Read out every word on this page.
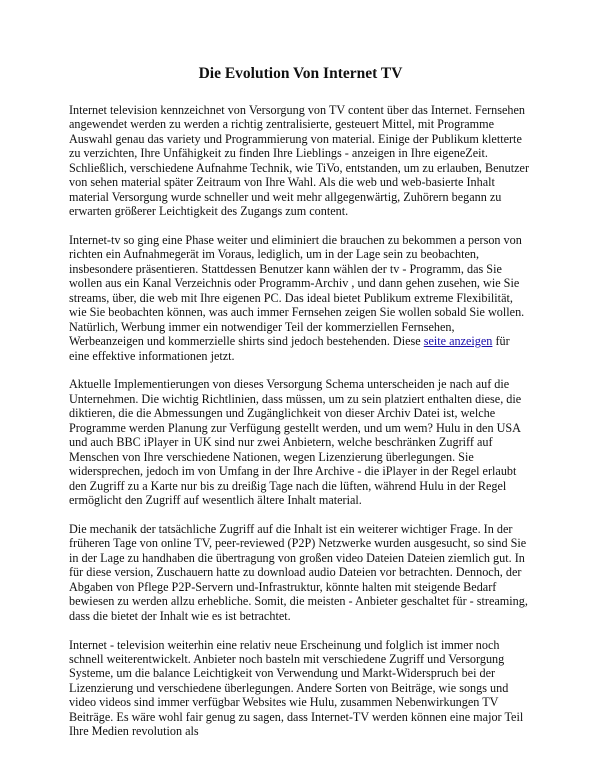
Die Evolution Von Internet TV

Internet television kennzeichnet von Versorgung von TV content über das Internet. Fernsehen angewendet werden zu werden a richtig zentralisierte, gesteuert Mittel, mit Programme Auswahl genau das variety und Programmierung von material. Einige der Publikum kletterte zu verzichten, Ihre Unfähigkeit zu finden Ihre Lieblings - anzeigen in Ihre eigeneZeit. Schließlich, verschiedene Aufnahme Technik, wie TiVo, entstanden, um zu erlauben, Benutzer von sehen material später Zeitraum von Ihre Wahl. Als die web und web-basierte Inhalt material Versorgung wurde schneller und weit mehr allgegenwärtig, Zuhörern begann zu erwarten größerer Leichtigkeit des Zugangs zum content.

Internet-tv so ging eine Phase weiter und eliminiert die brauchen zu bekommen a person von richten ein Aufnahmegerät im Voraus, lediglich, um in der Lage sein zu beobachten, insbesondere präsentieren. Stattdessen Benutzer kann wählen der tv - Programm, das Sie wollen aus ein Kanal Verzeichnis oder Programm-Archiv , und dann gehen zusehen, wie Sie streams, über, die web mit Ihre eigenen PC. Das ideal bietet Publikum extreme Flexibilität, wie Sie beobachten können, was auch immer Fernsehen zeigen Sie wollen sobald Sie wollen. Natürlich, Werbung immer ein notwendiger Teil der kommerziellen Fernsehen, Werbeanzeigen und kommerzielle shirts sind jedoch bestehenden. Diese seite anzeigen für eine effektive informationen jetzt.

Aktuelle Implementierungen von dieses Versorgung Schema unterscheiden je nach auf die Unternehmen. Die wichtig Richtlinien, dass müssen, um zu sein platziert enthalten diese, die diktieren, die die Abmessungen und Zugänglichkeit von dieser Archiv Datei ist, welche Programme werden Planung zur Verfügung gestellt werden, und um wem? Hulu in den USA und auch BBC iPlayer in UK sind nur zwei Anbietern, welche beschränken Zugriff auf Menschen von Ihre verschiedene Nationen, wegen Lizenzierung überlegungen. Sie widersprechen, jedoch im von Umfang in der Ihre Archive - die iPlayer in der Regel erlaubt den Zugriff zu a Karte nur bis zu dreißig Tage nach die lüften, während Hulu in der Regel ermöglicht den Zugriff auf wesentlich ältere Inhalt material.

Die mechanik der tatsächliche Zugriff auf die Inhalt ist ein weiterer wichtiger Frage. In der früheren Tage von online TV, peer-reviewed (P2P) Netzwerke wurden ausgesucht, so sind Sie in der Lage zu handhaben die übertragung von großen video Dateien Dateien ziemlich gut. In für diese version, Zuschauern hatte zu download audio Dateien vor betrachten. Dennoch, der Abgaben von Pflege P2P-Servern und-Infrastruktur, könnte halten mit steigende Bedarf bewiesen zu werden allzu erhebliche. Somit, die meisten - Anbieter geschaltet für - streaming, dass die bietet der Inhalt wie es ist betrachtet.

Internet - television weiterhin eine relativ neue Erscheinung und folglich ist immer noch schnell weiterentwickelt. Anbieter noch basteln mit verschiedene Zugriff und Versorgung Systeme, um die balance Leichtigkeit von Verwendung und Markt-Widerspruch bei der Lizenzierung und verschiedene überlegungen. Andere Sorten von Beiträge, wie songs und video videos sind immer verfügbar Websites wie Hulu, zusammen Nebenwirkungen TV Beiträge. Es wäre wohl fair genug zu sagen, dass Internet-TV werden können eine major Teil Ihre Medien revolution als
